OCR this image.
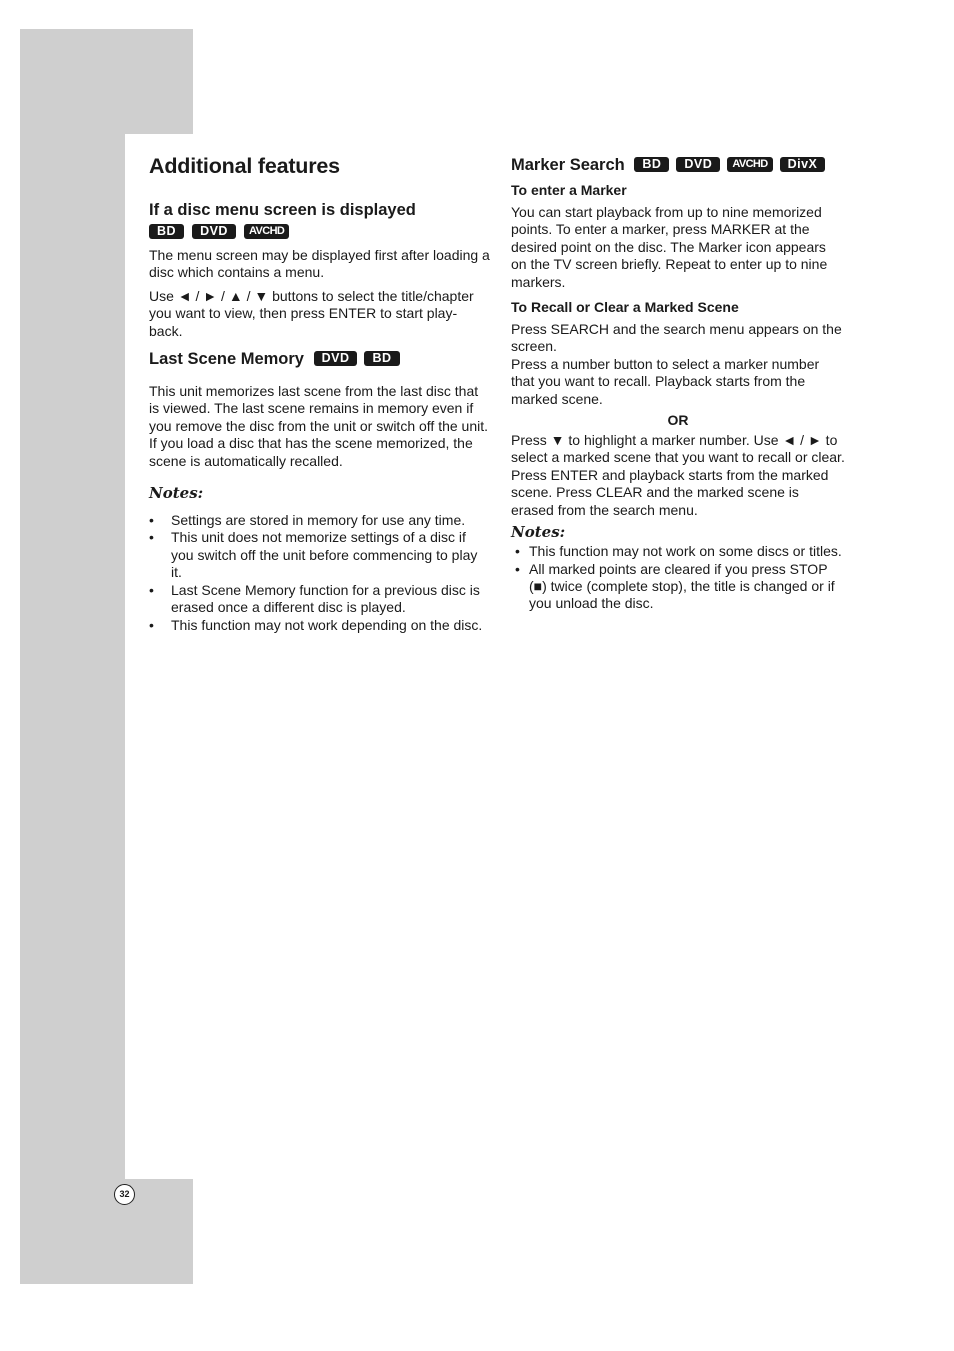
32
Additional features
If a disc menu screen is displayed
BD	DVD	AVCHD

The menu screen may be displayed first after loading a disc which contains a menu.

Use ◄ / ► / ▲ / ▼ buttons to select the title/chapter you want to view, then press ENTER to start play-back.

Last Scene Memory	DVD	BD

This unit memorizes last scene from the last disc that is viewed. The last scene remains in memory even if you remove the disc from the unit or switch off the unit. If you load a disc that has the scene memorized, the scene is automatically recalled.

Notes:
• Settings are stored in memory for use any time.
• This unit does not memorize settings of a disc if you switch off the unit before commencing to play it.
• Last Scene Memory function for a previous disc is erased once a different disc is played.
• This function may not work depending on the disc.
Marker Search	BD	DVD	AVCHD	DivX
To enter a Marker

You can start playback from up to nine memorized points. To enter a marker, press MARKER at the desired point on the disc. The Marker icon appears on the TV screen briefly. Repeat to enter up to nine markers.

To Recall or Clear a Marked Scene

Press SEARCH and the search menu appears on the screen.

Press a number button to select a marker number that you want to recall. Playback starts from the marked scene.

OR

Press ▼ to highlight a marker number. Use ◄ / ► to select a marked scene that you want to recall or clear.

Press ENTER and playback starts from the marked scene. Press CLEAR and the marked scene is erased from the search menu.

Notes:
• This function may not work on some discs or titles.
• All marked points are cleared if you press STOP (■) twice (complete stop), the title is changed or if you unload the disc.
